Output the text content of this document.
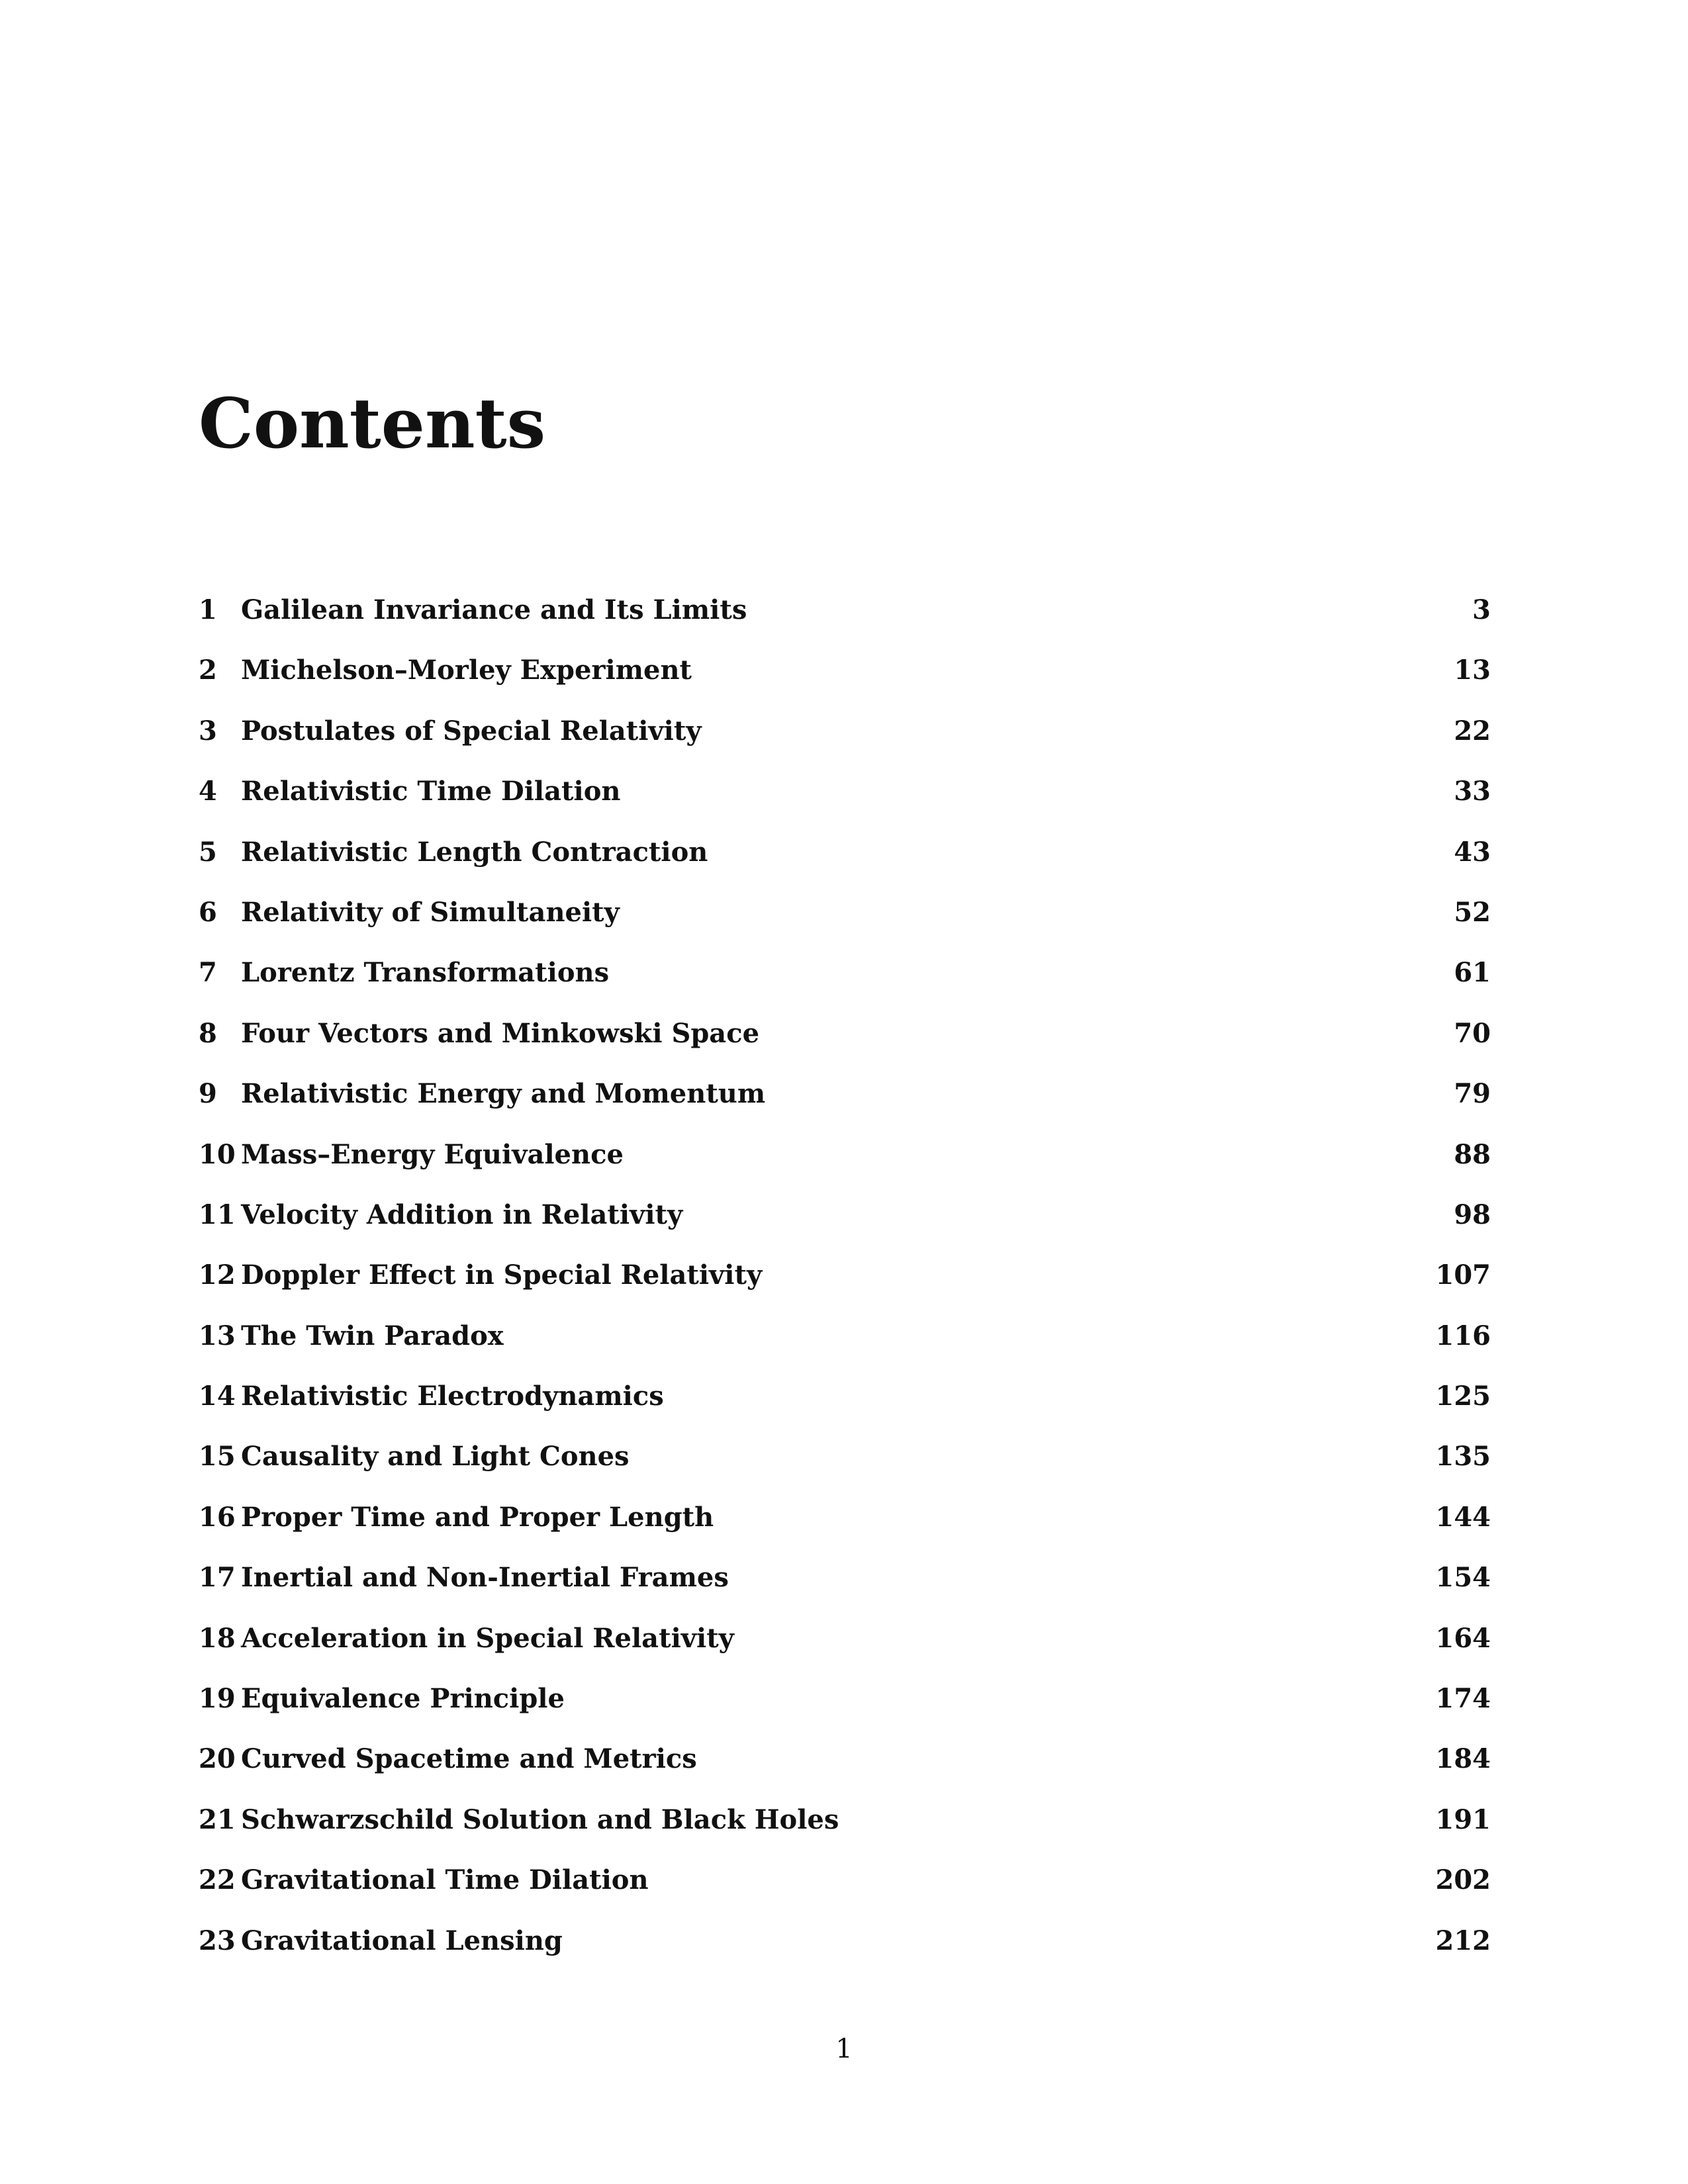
Contents
1 Galilean Invariance and Its Limits	3
2 Michelson–Morley Experiment	13
3 Postulates of Special Relativity	22
4 Relativistic Time Dilation	33
5 Relativistic Length Contraction	43
6 Relativity of Simultaneity	52
7 Lorentz Transformations	61
8 Four Vectors and Minkowski Space	70
9 Relativistic Energy and Momentum	79
10 Mass–Energy Equivalence	88
11 Velocity Addition in Relativity	98
12 Doppler Effect in Special Relativity	107
13 The Twin Paradox	116
14 Relativistic Electrodynamics	125
15 Causality and Light Cones	135
16 Proper Time and Proper Length	144
17 Inertial and Non-Inertial Frames	154
18 Acceleration in Special Relativity	164
19 Equivalence Principle	174
20 Curved Spacetime and Metrics	184
21 Schwarzschild Solution and Black Holes	191
22 Gravitational Time Dilation	202
23 Gravitational Lensing	212
1
